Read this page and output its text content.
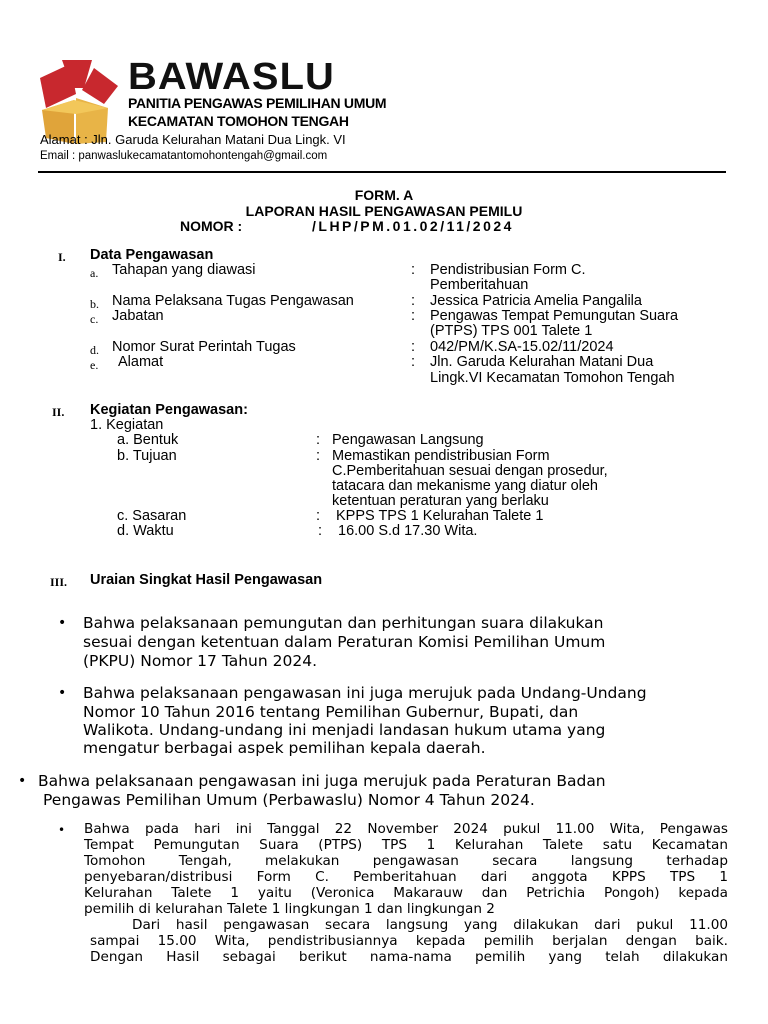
BAWASLU
PANITIA PENGAWAS PEMILIHAN UMUM
KECAMATAN TOMOHON TENGAH
Alamat : Jln. Garuda Kelurahan Matani Dua Lingk. VI
Email : panwaslukecamatantomohontengah@gmail.com
FORM. A
LAPORAN HASIL PENGAWASAN PEMILU
NOMOR :	/LHP/PM.01.02/11/2024
I. Data Pengawasan
a. Tahapan yang diawasi	: Pendistribusian Form C.
Pemberitahuan
b. Nama Pelaksana Tugas Pengawasan	: Jessica Patricia Amelia Pangalila
c. Jabatan	: Pengawas Tempat Pemungutan Suara
(PTPS) TPS 001 Talete 1
d. Nomor Surat Perintah Tugas	: 042/PM/K.SA-15.02/11/2024
e. Alamat	: Jln. Garuda Kelurahan Matani Dua
Lingk.VI Kecamatan Tomohon Tengah
II. Kegiatan Pengawasan:
1. Kegiatan
a. Bentuk	: Pengawasan Langsung
b. Tujuan	: Memastikan pendistribusian Form
C.Pemberitahuan sesuai dengan prosedur,
tatacara dan mekanisme yang diatur oleh
ketentuan peraturan yang berlaku
c. Sasaran	: KPPS TPS 1 Kelurahan Talete 1
d. Waktu	: 16.00 S.d 17.30 Wita.
III. Uraian Singkat Hasil Pengawasan
• Bahwa pelaksanaan pemungutan dan perhitungan suara dilakukan
sesuai dengan ketentuan dalam Peraturan Komisi Pemilihan Umum
(PKPU) Nomor 17 Tahun 2024.
• Bahwa pelaksanaan pengawasan ini juga merujuk pada Undang-Undang
Nomor 10 Tahun 2016 tentang Pemilihan Gubernur, Bupati, dan
Walikota. Undang-undang ini menjadi landasan hukum utama yang
mengatur berbagai aspek pemilihan kepala daerah.
• Bahwa pelaksanaan pengawasan ini juga merujuk pada Peraturan Badan
Pengawas Pemilihan Umum (Perbawaslu) Nomor 4 Tahun 2024.
• Bahwa pada hari ini Tanggal 22 November 2024 pukul 11.00 Wita, Pengawas
Tempat Pemungutan Suara (PTPS) TPS 1 Kelurahan Talete satu Kecamatan
Tomohon Tengah, melakukan pengawasan secara langsung terhadap
penyebaran/distribusi Form C. Pemberitahuan dari anggota KPPS TPS 1
Kelurahan Talete 1 yaitu (Veronica Makarauw dan Petrichia Pongoh) kepada
pemilih di kelurahan Talete 1 lingkungan 1 dan lingkungan 2
Dari hasil pengawasan secara langsung yang dilakukan dari pukul 11.00
sampai 15.00 Wita, pendistribusiannya kepada pemilih berjalan dengan baik.
Dengan Hasil sebagai berikut nama-nama pemilih yang telah dilakukan
